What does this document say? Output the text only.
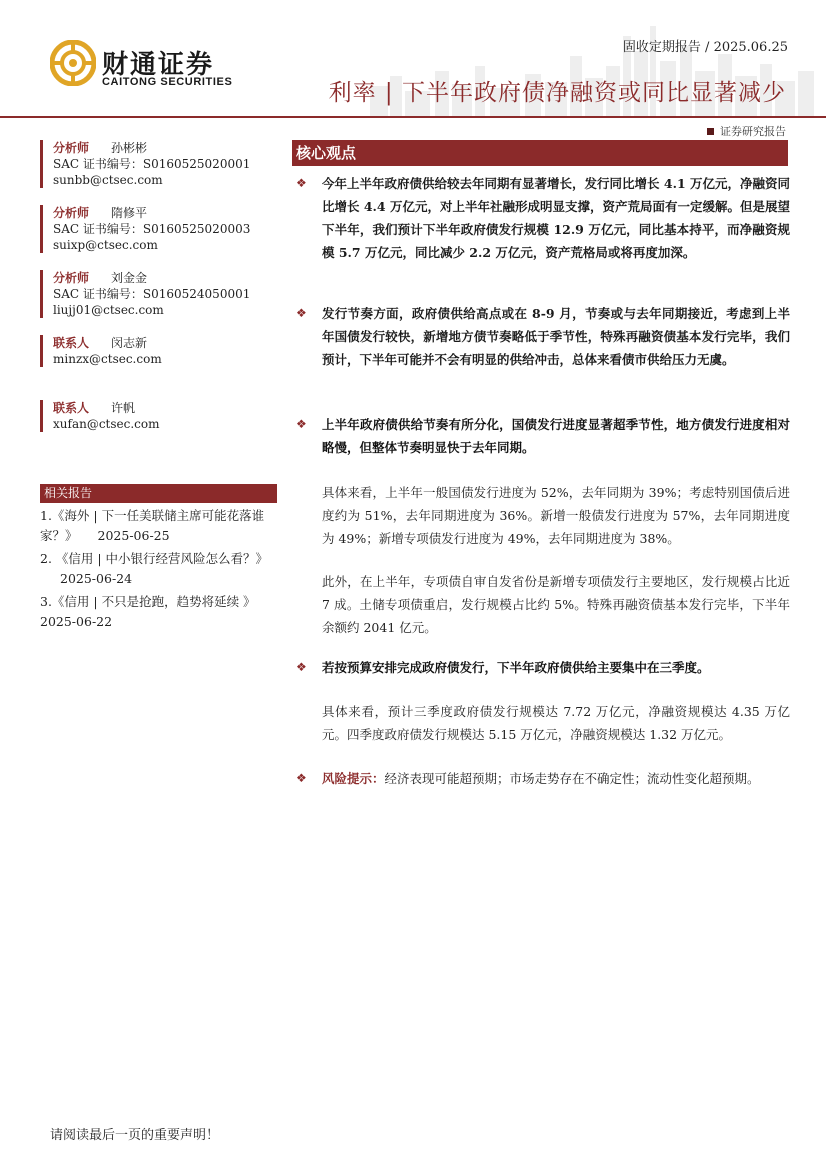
财通证券
CAITONG SECURITIES
固收定期报告 / 2025.06.25
利率 | 下半年政府债净融资或同比显著减少
证券研究报告
分析师 孙彬彬
SAC 证书编号：S0160525020001
sunbb@ctsec.com
分析师 隋修平
SAC 证书编号：S0160525020003
suixp@ctsec.com
分析师 刘金金
SAC 证书编号：S0160524050001
liujj01@ctsec.com
联系人 闵志新
minzx@ctsec.com
联系人 许帆
xufan@ctsec.com
相关报告
1.《海外 | 下一任美联储主席可能花落谁家？》 2025-06-25
2. 《信用 | 中小银行经营风险怎么看？》2025-06-24
3.《信用 | 不只是抢跑，趋势将延续 》
2025-06-22
核心观点
❖ 今年上半年政府债供给较去年同期有显著增长，发行同比增长 4.1 万亿元，净融资同比增长 4.4 万亿元，对上半年社融形成明显支撑，资产荒局面有一定缓解。但是展望下半年，我们预计下半年政府债发行规模 12.9 万亿元，同比基本持平，而净融资规模 5.7 万亿元，同比减少 2.2 万亿元，资产荒格局或将再度加深。
❖ 发行节奏方面，政府债供给高点或在 8-9 月，节奏或与去年同期接近，考虑到上半年国债发行较快，新增地方债节奏略低于季节性，特殊再融资债基本发行完毕，我们预计，下半年可能并不会有明显的供给冲击，总体来看债市供给压力无虞。
❖ 上半年政府债供给节奏有所分化，国债发行进度显著超季节性，地方债发行进度相对略慢，但整体节奏明显快于去年同期。
具体来看，上半年一般国债发行进度为 52%，去年同期为 39%；考虑特别国债后进度约为 51%，去年同期进度为 36%。新增一般债发行进度为 57%，去年同期进度为 49%；新增专项债发行进度为 49%，去年同期进度为 38%。
此外，在上半年，专项债自审自发省份是新增专项债发行主要地区，发行规模占比近 7 成。土储专项债重启，发行规模占比约 5%。特殊再融资债基本发行完毕，下半年余额约 2041 亿元。
❖ 若按预算安排完成政府债发行，下半年政府债供给主要集中在三季度。
具体来看，预计三季度政府债发行规模达 7.72 万亿元，净融资规模达 4.35 万亿元。四季度政府债发行规模达 5.15 万亿元，净融资规模达 1.32 万亿元。
❖ 风险提示：经济表现可能超预期；市场走势存在不确定性；流动性变化超预期。
请阅读最后一页的重要声明！
